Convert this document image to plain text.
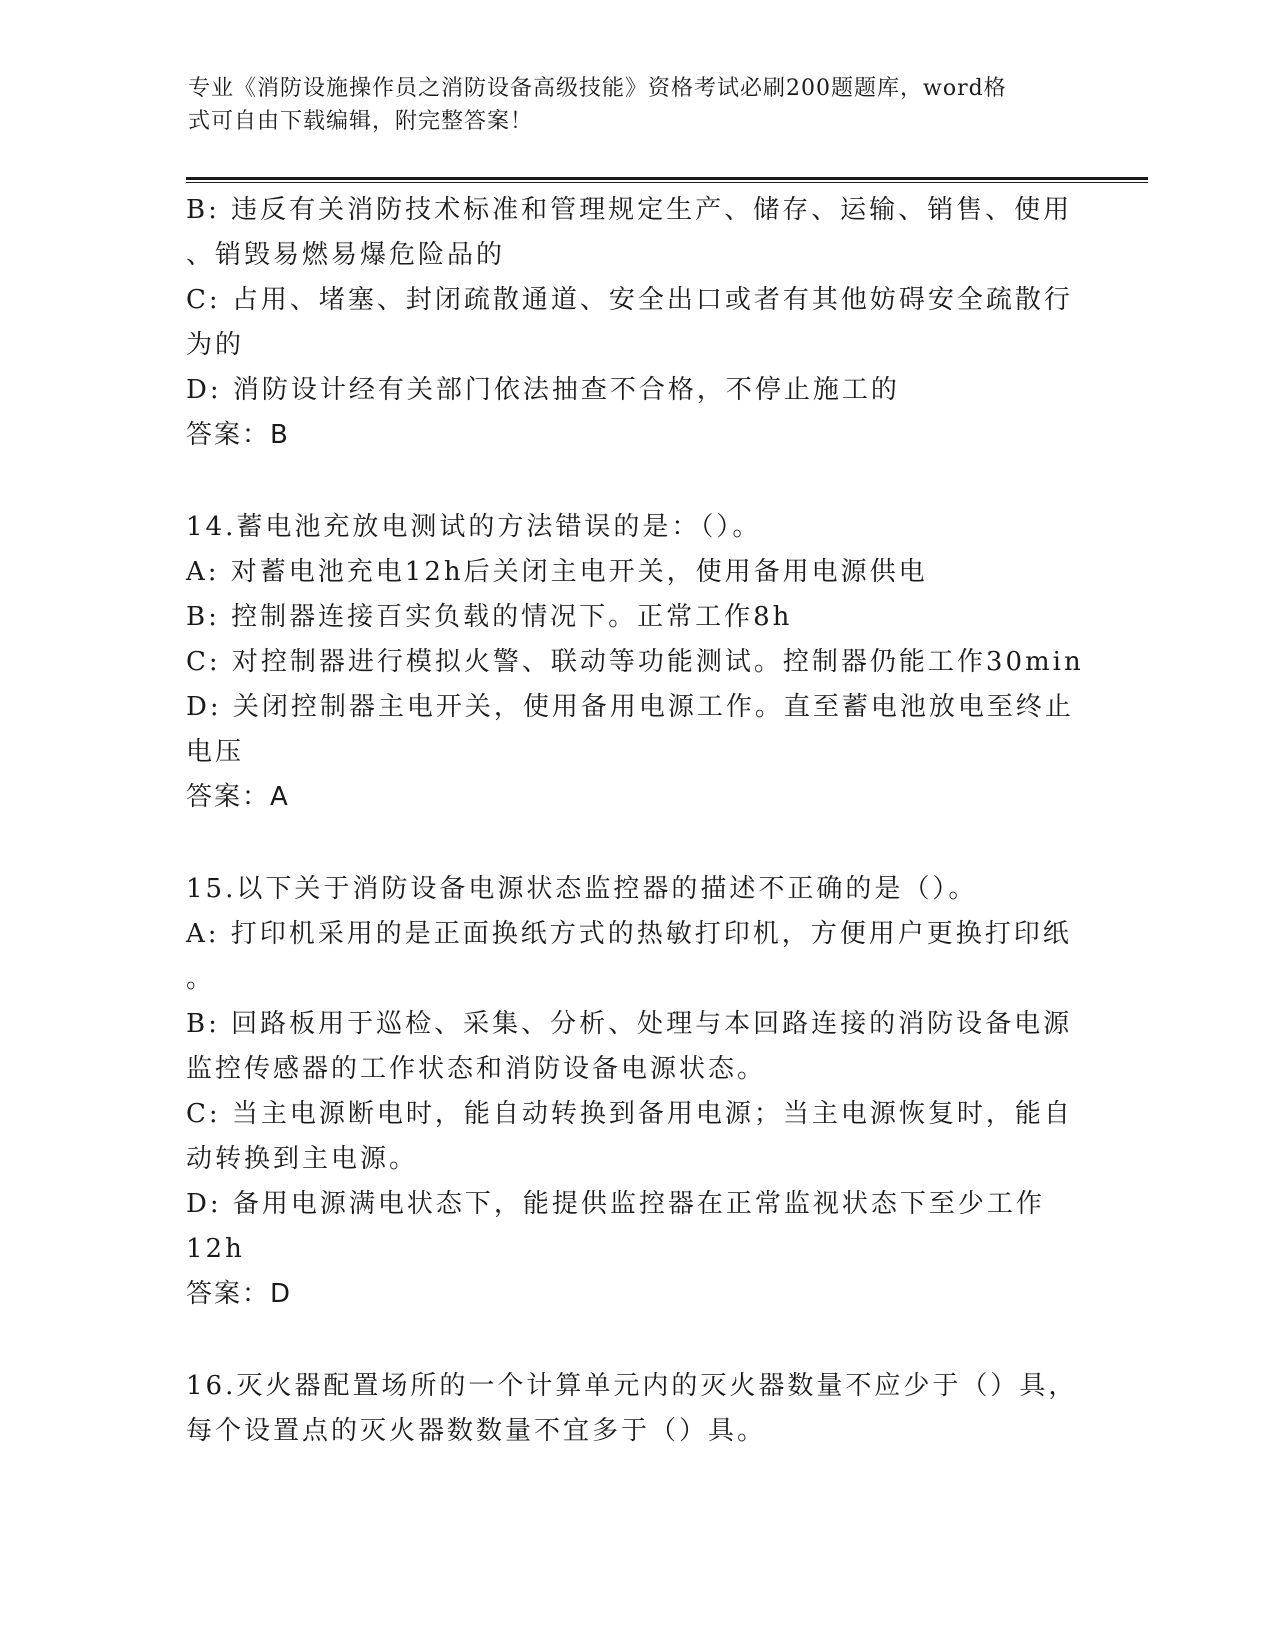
专业《消防设施操作员之消防设备高级技能》资格考试必刷200题题库，word格
式可自由下载编辑，附完整答案！
B: 违反有关消防技术标准和管理规定生产、储存、运输、销售、使用
、销毁易燃易爆危险品的
C: 占用、堵塞、封闭疏散通道、安全出口或者有其他妨碍安全疏散行
为的
D: 消防设计经有关部门依法抽查不合格，不停止施工的
答案：B
14.蓄电池充放电测试的方法错误的是：（）。
A: 对蓄电池充电12h后关闭主电开关，使用备用电源供电
B: 控制器连接百实负载的情况下。正常工作8h
C: 对控制器进行模拟火警、联动等功能测试。控制器仍能工作30min
D: 关闭控制器主电开关，使用备用电源工作。直至蓄电池放电至终止
电压
答案：A
15.以下关于消防设备电源状态监控器的描述不正确的是（）。
A: 打印机采用的是正面换纸方式的热敏打印机，方便用户更换打印纸
。
B: 回路板用于巡检、采集、分析、处理与本回路连接的消防设备电源
监控传感器的工作状态和消防设备电源状态。
C: 当主电源断电时，能自动转换到备用电源；当主电源恢复时，能自
动转换到主电源。
D: 备用电源满电状态下，能提供监控器在正常监视状态下至少工作
12h
答案：D
16.灭火器配置场所的一个计算单元内的灭火器数量不应少于（）具，
每个设置点的灭火器数数量不宜多于（）具。
